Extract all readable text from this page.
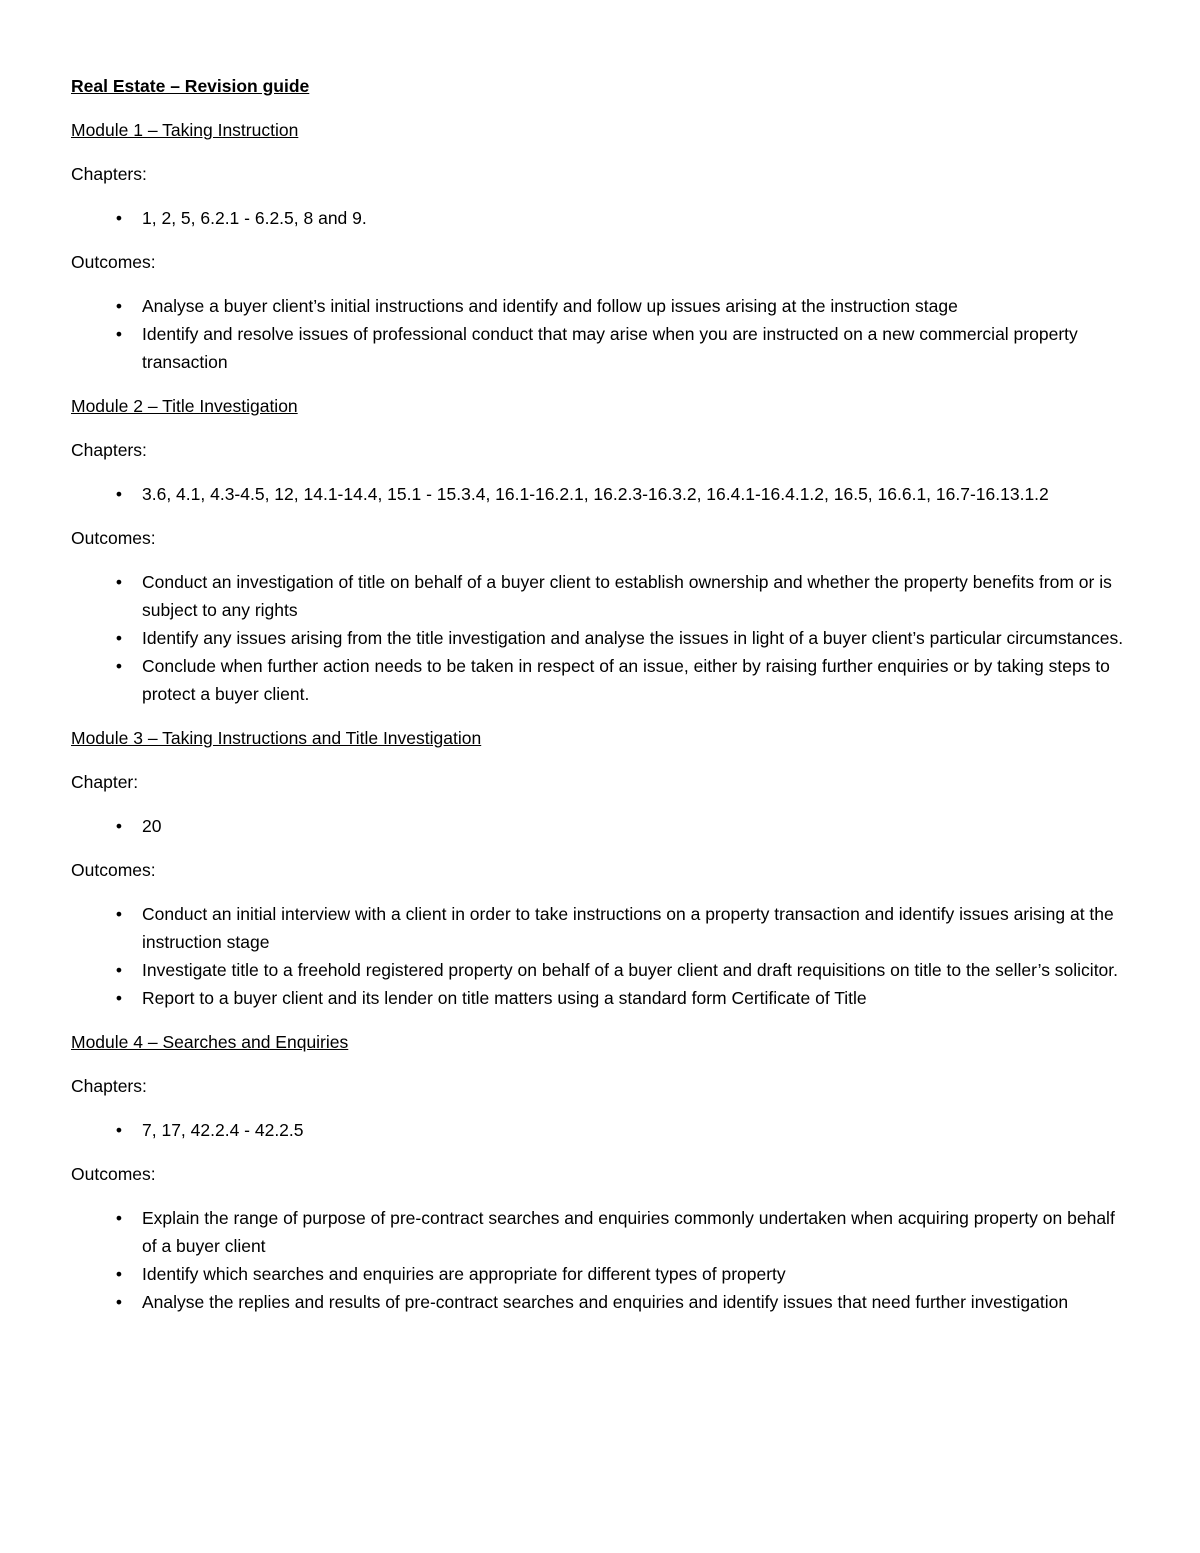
Real Estate – Revision guide
Module 1 – Taking Instruction
Chapters:
•	1, 2, 5, 6.2.1 - 6.2.5, 8 and 9.
Outcomes:
•	Analyse a buyer client’s initial instructions and identify and follow up issues arising at the instruction stage
•	Identify and resolve issues of professional conduct that may arise when you are instructed on a new commercial property transaction
Module 2 – Title Investigation
Chapters:
•	3.6, 4.1, 4.3-4.5, 12, 14.1-14.4, 15.1 - 15.3.4, 16.1-16.2.1, 16.2.3-16.3.2, 16.4.1-16.4.1.2, 16.5, 16.6.1, 16.7-16.13.1.2
Outcomes:
•	Conduct an investigation of title on behalf of a buyer client to establish ownership and whether the property benefits from or is subject to any rights
•	Identify any issues arising from the title investigation and analyse the issues in light of a buyer client’s particular circumstances.
•	Conclude when further action needs to be taken in respect of an issue, either by raising further enquiries or by taking steps to protect a buyer client.
Module 3 – Taking Instructions and Title Investigation
Chapter:
•	20
Outcomes:
•	Conduct an initial interview with a client in order to take instructions on a property transaction and identify issues arising at the instruction stage
•	Investigate title to a freehold registered property on behalf of a buyer client and draft requisitions on title to the seller’s solicitor.
•	Report to a buyer client and its lender on title matters using a standard form Certificate of Title
Module 4 – Searches and Enquiries
Chapters:
•	7, 17, 42.2.4 - 42.2.5
Outcomes:
•	Explain the range of purpose of pre-contract searches and enquiries commonly undertaken when acquiring property on behalf of a buyer client
•	Identify which searches and enquiries are appropriate for different types of property
•	Analyse the replies and results of pre-contract searches and enquiries and identify issues that need further investigation
